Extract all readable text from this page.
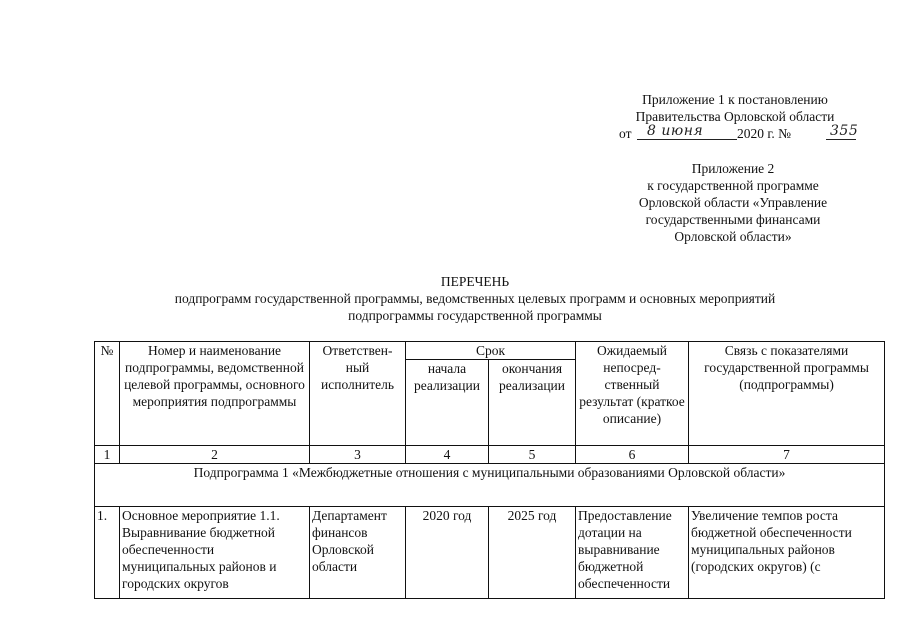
Приложение 1 к постановлению
Правительства Орловской области
от 8 июня	2020 г. №	355
Приложение 2
к государственной программе
Орловской области «Управление
государственными финансами
Орловской области»
ПЕРЕЧЕНЬ
подпрограмм государственной программы, ведомственных целевых программ и основных мероприятий
подпрограммы государственной программы
№	Номер и наименование подпрограммы, ведомственной целевой программы, основного мероприятия подпрограммы	Ответствен-ный исполнитель	Срок		Ожидаемый непосред-ственный результат (краткое описание)	Связь с показателями государственной программы (подпрограммы)
			начала реализации	окончания реализации		
1	2	3	4	5	6	7
Подпрограмма 1 «Межбюджетные отношения с муниципальными образованиями Орловской области»						

1.	Основное мероприятие 1.1. Выравнивание бюджетной обеспеченности муниципальных районов и городских округов	Департамент финансов Орловской области	2020 год	2025 год	Предоставление дотации на выравнивание бюджетной обеспеченности	Увеличение темпов роста бюджетной обеспеченности муниципальных районов (городских округов) (с
